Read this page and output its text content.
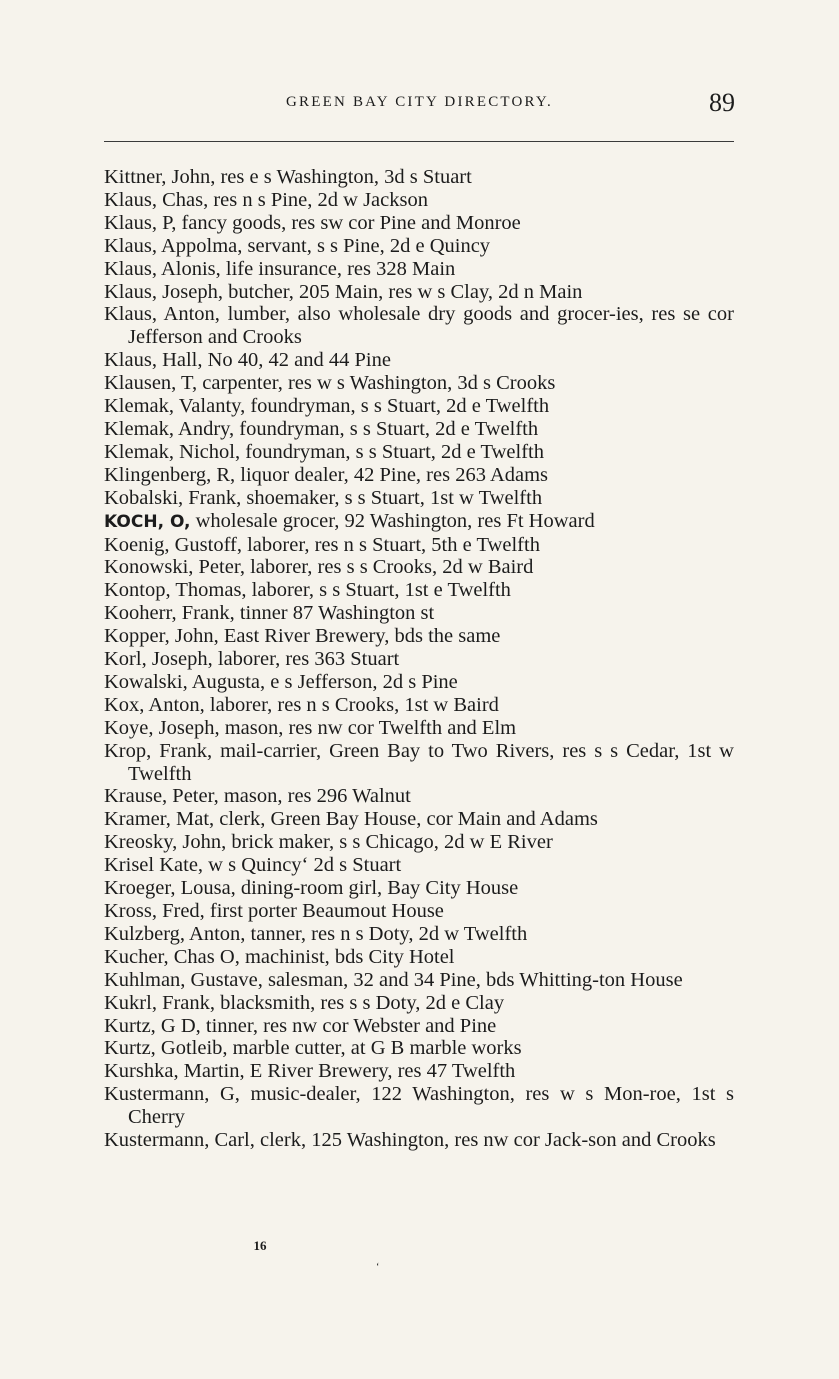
GREEN BAY CITY DIRECTORY.	89
Kittner, John, res e s Washington, 3d s Stuart
Klaus, Chas, res n s Pine, 2d w Jackson
Klaus, P, fancy goods, res sw cor Pine and Monroe
Klaus, Appolma, servant, s s Pine, 2d e Quincy
Klaus, Alonis, life insurance, res 328 Main
Klaus, Joseph, butcher, 205 Main, res w s Clay, 2d n Main
Klaus, Anton, lumber, also wholesale dry goods and grocer-ies, res se cor Jefferson and Crooks
Klaus, Hall, No 40, 42 and 44 Pine
Klausen, T, carpenter, res w s Washington, 3d s Crooks
Klemak, Valanty, foundryman, s s Stuart, 2d e Twelfth
Klemak, Andry, foundryman, s s Stuart, 2d e Twelfth
Klemak, Nichol, foundryman, s s Stuart, 2d e Twelfth
Klingenberg, R, liquor dealer, 42 Pine, res 263 Adams
Kobalski, Frank, shoemaker, s s Stuart, 1st w Twelfth
KOCH, O, wholesale grocer, 92 Washington, res Ft Howard
Koenig, Gustoff, laborer, res n s Stuart, 5th e Twelfth
Konowski, Peter, laborer, res s s Crooks, 2d w Baird
Kontop, Thomas, laborer, s s Stuart, 1st e Twelfth
Kooherr, Frank, tinner 87 Washington st
Kopper, John, East River Brewery, bds the same
Korl, Joseph, laborer, res 363 Stuart
Kowalski, Augusta, e s Jefferson, 2d s Pine
Kox, Anton, laborer, res n s Crooks, 1st w Baird
Koye, Joseph, mason, res nw cor Twelfth and Elm
Krop, Frank, mail-carrier, Green Bay to Two Rivers, res s s Cedar, 1st w Twelfth
Krause, Peter, mason, res 296 Walnut
Kramer, Mat, clerk, Green Bay House, cor Main and Adams
Kreosky, John, brick maker, s s Chicago, 2d w E River
Krisel Kate, w s Quincy‘ 2d s Stuart
Kroeger, Lousa, dining-room girl, Bay City House
Kross, Fred, first porter Beaumout House
Kulzberg, Anton, tanner, res n s Doty, 2d w Twelfth
Kucher, Chas O, machinist, bds City Hotel
Kuhlman, Gustave, salesman, 32 and 34 Pine, bds Whitting-ton House
Kukrl, Frank, blacksmith, res s s Doty, 2d e Clay
Kurtz, G D, tinner, res nw cor Webster and Pine
Kurtz, Gotleib, marble cutter, at G B marble works
Kurshka, Martin, E River Brewery, res 47 Twelfth
Kustermann, G, music-dealer, 122 Washington, res w s Mon-roe, 1st s Cherry
Kustermann, Carl, clerk, 125 Washington, res nw cor Jack-son and Crooks
16
‘
